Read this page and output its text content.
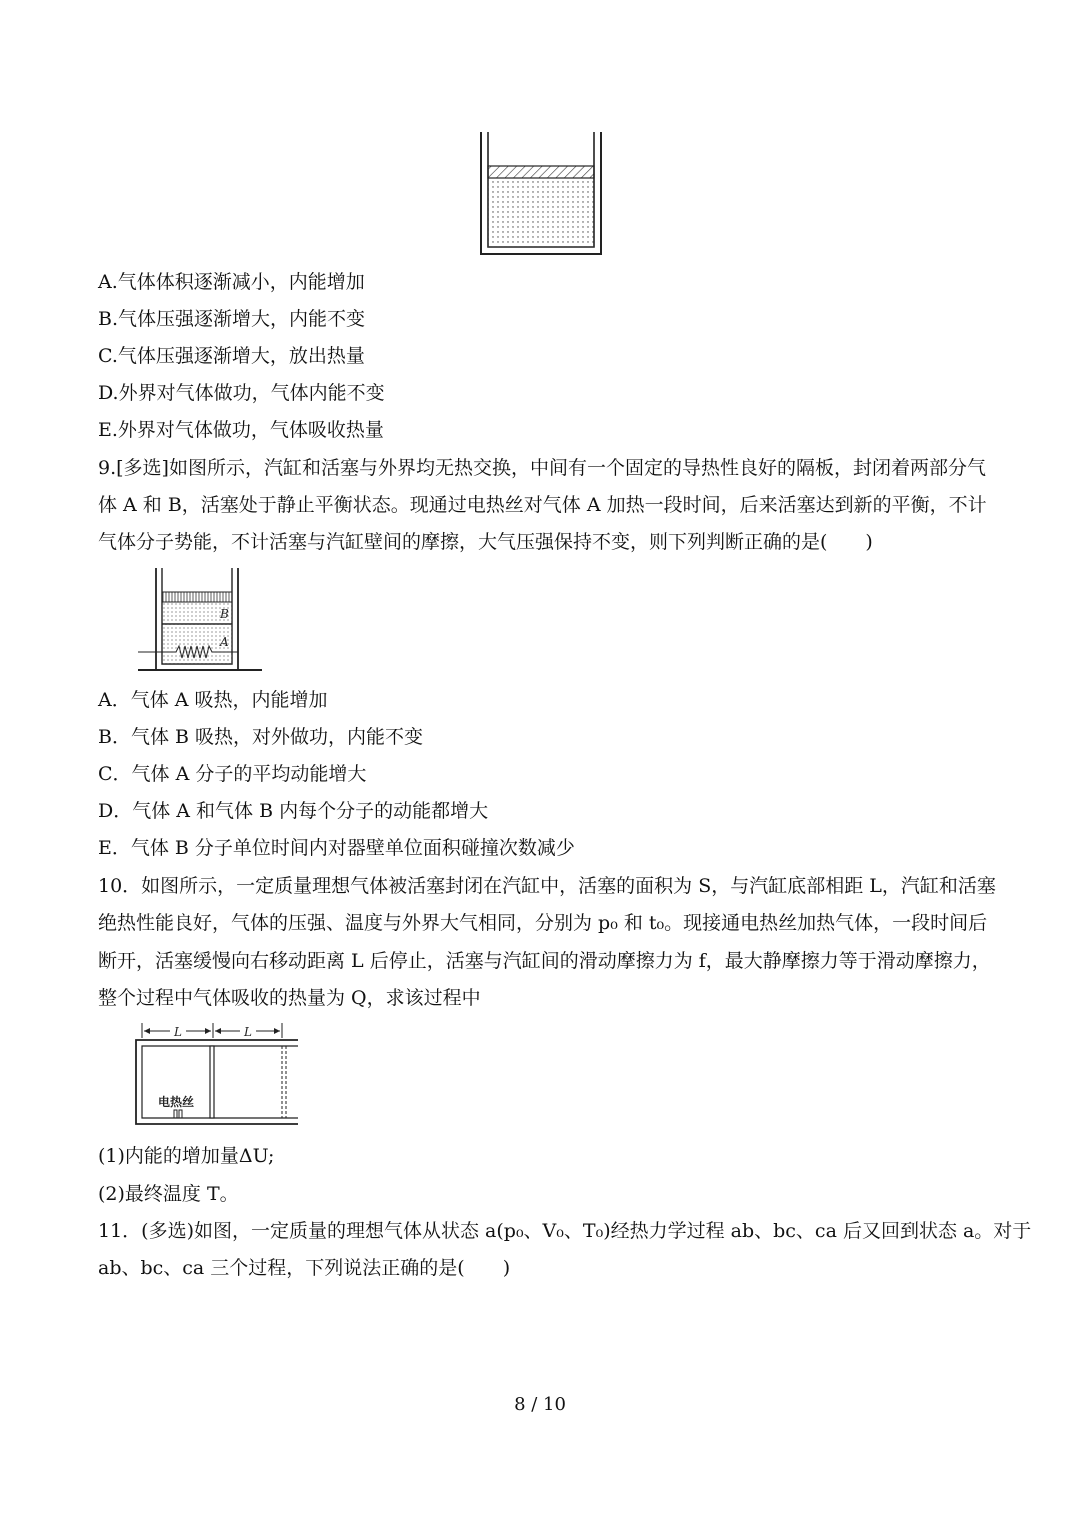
A.气体体积逐渐减小，内能增加
B.气体压强逐渐增大，内能不变
C.气体压强逐渐增大，放出热量
D.外界对气体做功，气体内能不变
E.外界对气体做功，气体吸收热量
9.[多选]如图所示，汽缸和活塞与外界均无热交换，中间有一个固定的导热性良好的隔板，封闭着两部分气
体 A 和 B，活塞处于静止平衡状态。现通过电热丝对气体 A 加热一段时间，后来活塞达到新的平衡，不计
气体分子势能，不计活塞与汽缸壁间的摩擦，大气压强保持不变，则下列判断正确的是(　　)
B
A
A．气体 A 吸热，内能增加
B．气体 B 吸热，对外做功，内能不变
C．气体 A 分子的平均动能增大
D．气体 A 和气体 B 内每个分子的动能都增大
E．气体 B 分子单位时间内对器壁单位面积碰撞次数减少
10．如图所示，一定质量理想气体被活塞封闭在汽缸中，活塞的面积为 S，与汽缸底部相距 L，汽缸和活塞
绝热性能良好，气体的压强、温度与外界大气相同，分别为 p₀ 和 t₀。现接通电热丝加热气体，一段时间后
断开，活塞缓慢向右移动距离 L 后停止，活塞与汽缸间的滑动摩擦力为 f，最大静摩擦力等于滑动摩擦力，
整个过程中气体吸收的热量为 Q，求该过程中
L	L
电热丝
(1)内能的增加量ΔU;
(2)最终温度 T。
11．(多选)如图，一定质量的理想气体从状态 a(p₀、V₀、T₀)经热力学过程 ab、bc、ca 后又回到状态 a。对于
ab、bc、ca 三个过程，下列说法正确的是(　　)
8 / 10
